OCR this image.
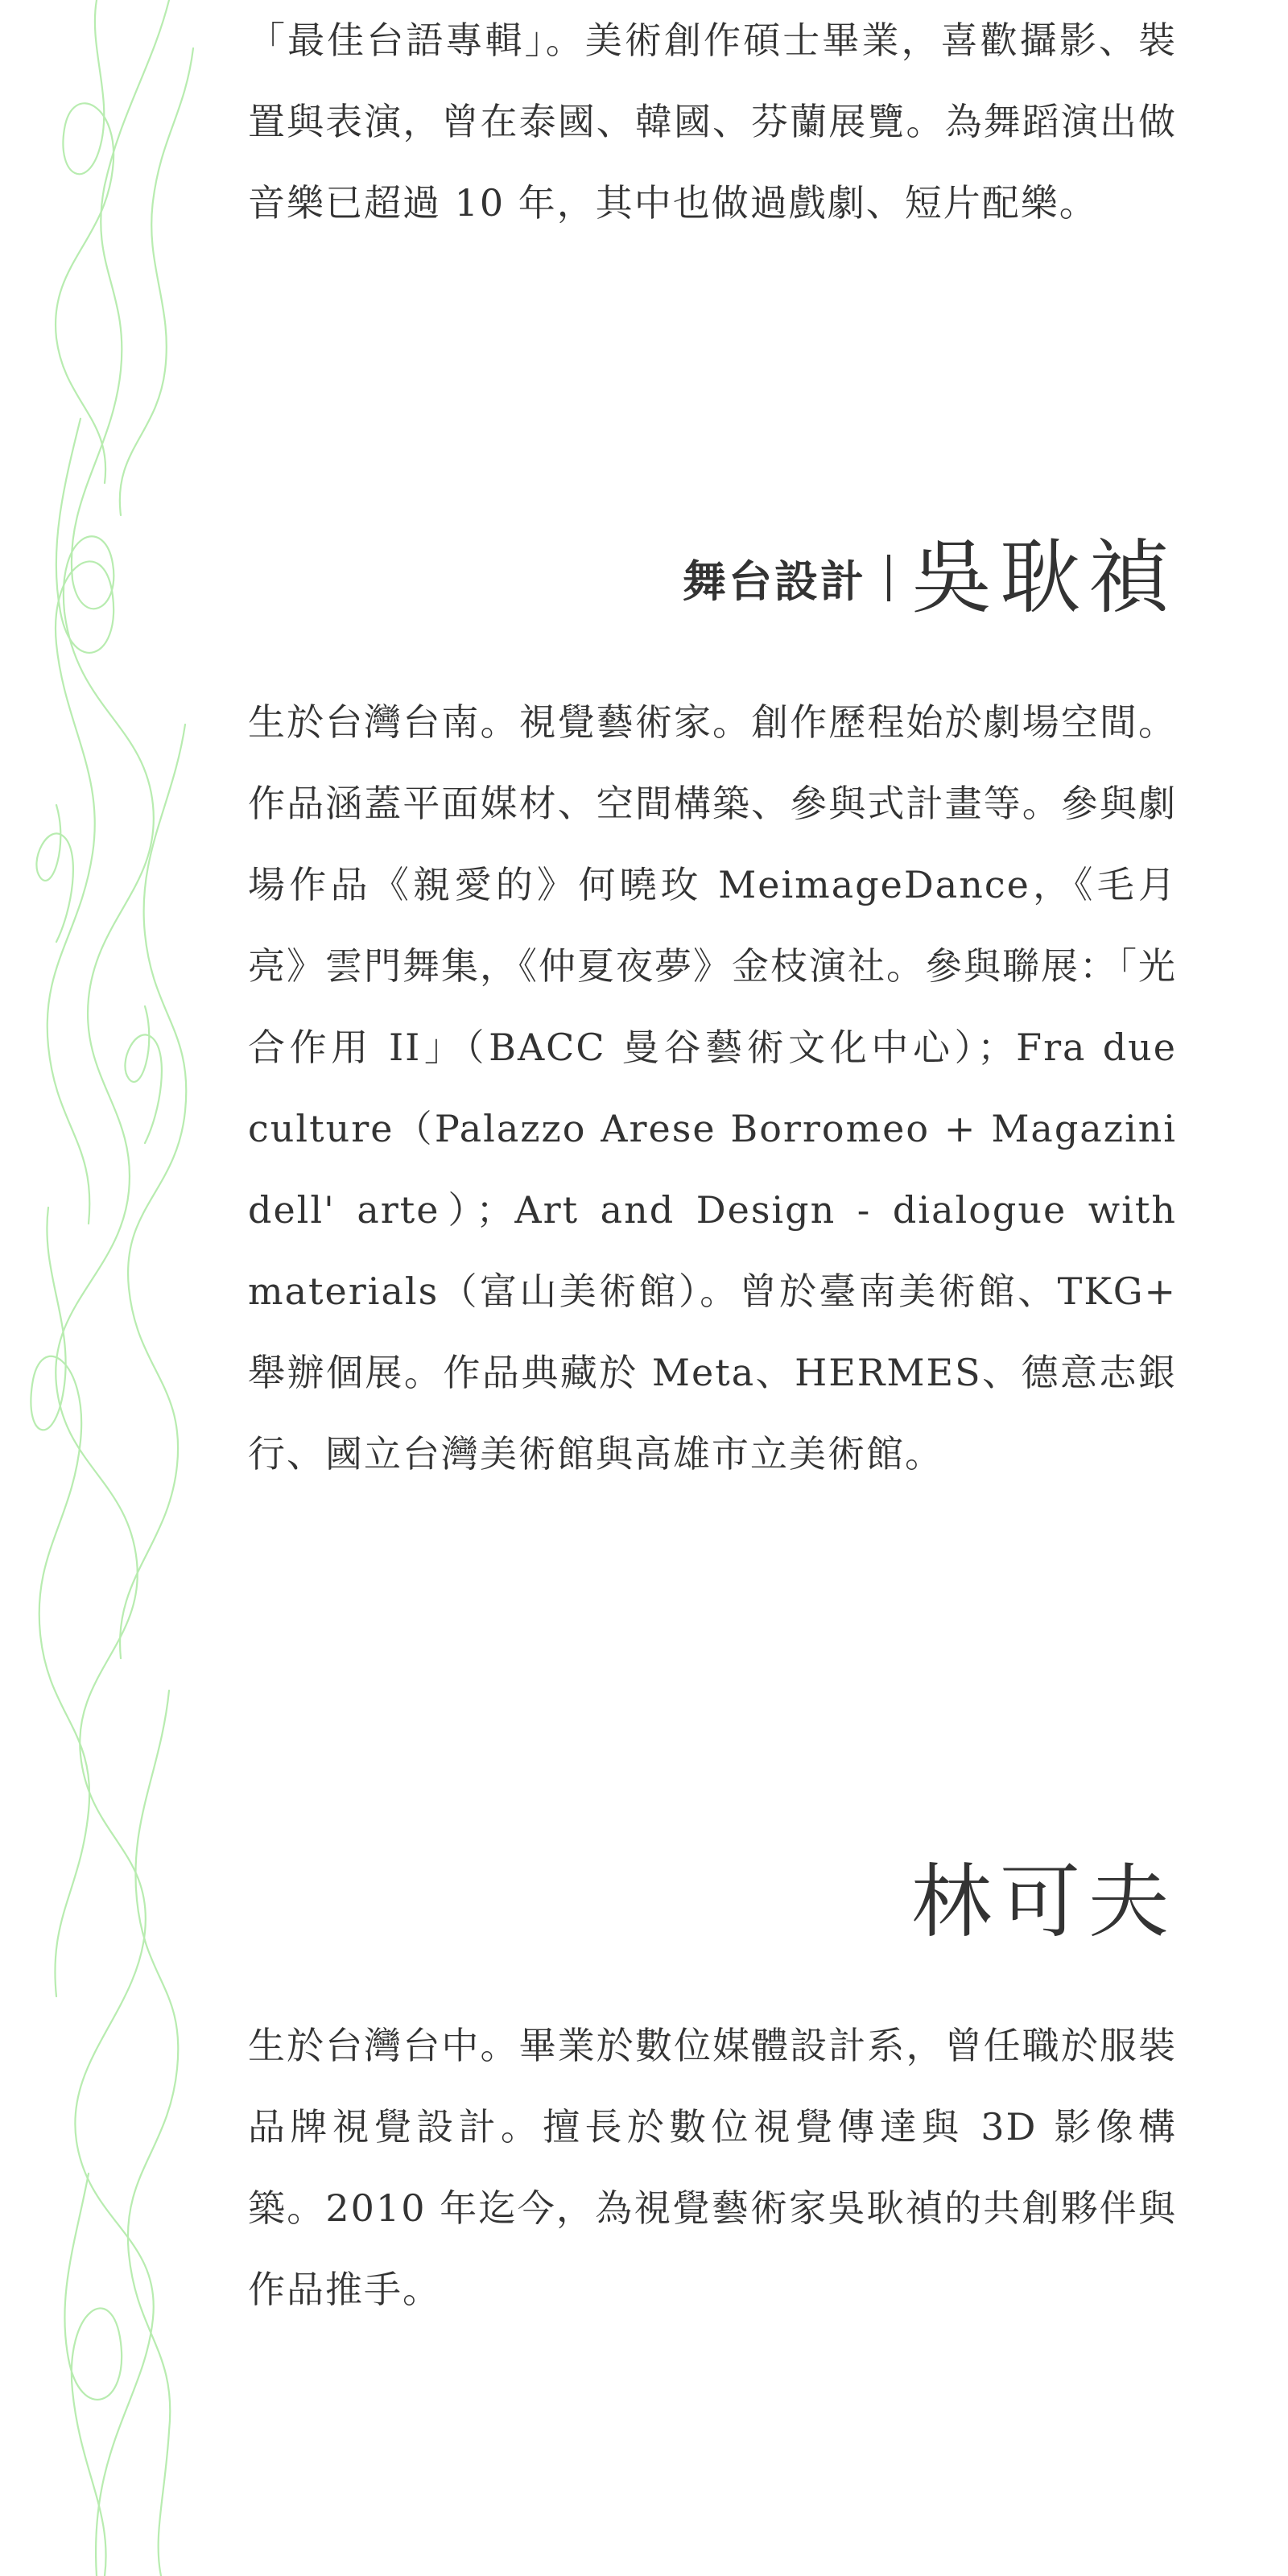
「最佳台語專輯」。美術創作碩士畢業，喜歡攝影、裝置與表演，曾在泰國、韓國、芬蘭展覽。為舞蹈演出做音樂已超過 10 年，其中也做過戲劇、短片配樂。

舞台設計 吳耿禎

生於台灣台南。視覺藝術家。創作歷程始於劇場空間。作品涵蓋平面媒材、空間構築、參與式計畫等。參與劇場作品《親愛的》何曉玫 MeimageDance，《毛月亮》雲門舞集，《仲夏夜夢》金枝演社。參與聯展：「光合作用 II」（BACC 曼谷藝術文化中心）；Fra due culture（Palazzo Arese Borromeo + Magazini dell' arte）；Art and Design - dialogue with materials（富山美術館）。曾於臺南美術館、TKG+ 舉辦個展。作品典藏於 Meta、HERMES、德意志銀行、國立台灣美術館與高雄市立美術館。

林可夫

生於台灣台中。畢業於數位媒體設計系，曾任職於服裝品牌視覺設計。擅長於數位視覺傳達與 3D 影像構築。2010 年迄今，為視覺藝術家吳耿禎的共創夥伴與作品推手。
